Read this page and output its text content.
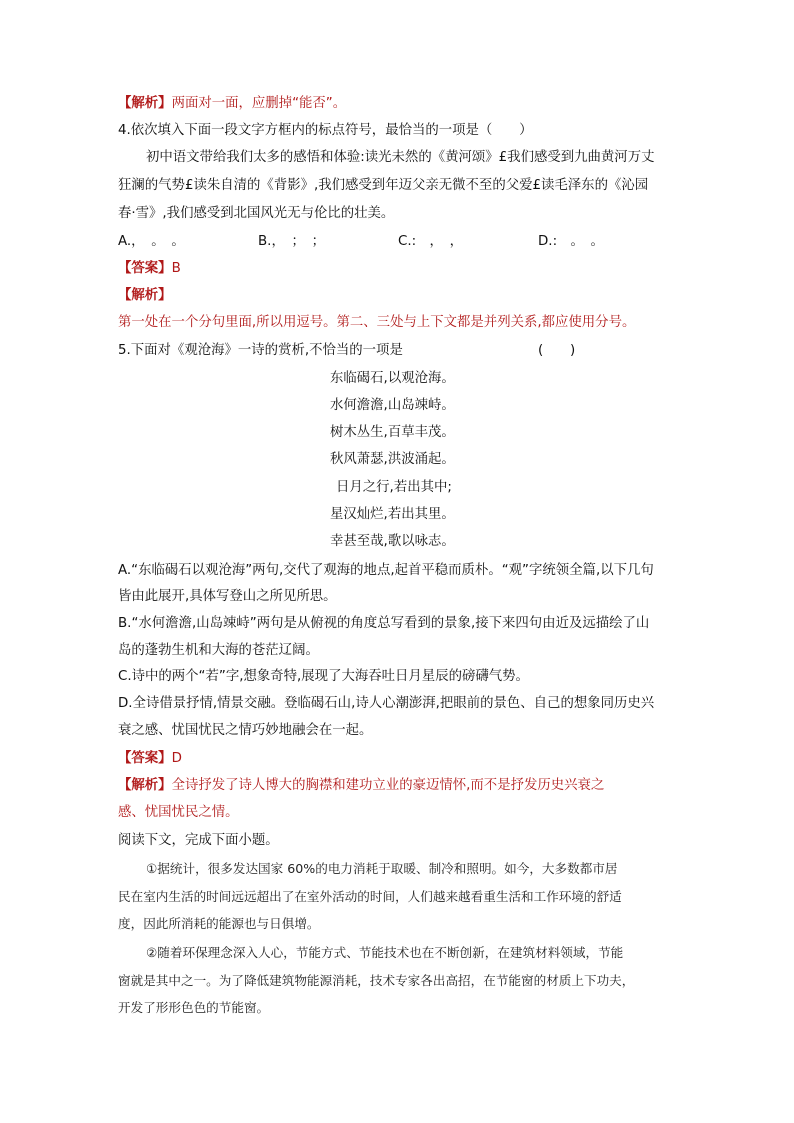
【解析】两面对一面，应删掉“能否”。
4.依次填入下面一段文字方框内的标点符号，最恰当的一项是（　　）
初中语文带给我们太多的感悟和体验:读光未然的《黄河颂》£我们感受到九曲黄河万丈
狂澜的气势£读朱自清的《背影》,我们感受到年迈父亲无微不至的父爱£读毛泽东的《沁园
春·雪》,我们感受到北国风光无与伦比的壮美。
A.，　。　。	B.，　；　；	C.:　，　，	D.:　。　。
【答案】B
【解析】
第一处在一个分句里面,所以用逗号。第二、三处与上下文都是并列关系,都应使用分号。
5.下面对《观沧海》一诗的赏析,不恰当的一项是	(　　)
东临碣石,以观沧海。
水何澹澹,山岛竦峙。
树木丛生,百草丰茂。
秋风萧瑟,洪波涌起。
日月之行,若出其中;
星汉灿烂,若出其里。
幸甚至哉,歌以咏志。
A.“东临碣石以观沧海”两句,交代了观海的地点,起首平稳而质朴。“观”字统领全篇,以下几句
皆由此展开,具体写登山之所见所思。
B.“水何澹澹,山岛竦峙”两句是从俯视的角度总写看到的景象,接下来四句由近及远描绘了山
岛的蓬勃生机和大海的苍茫辽阔。
C.诗中的两个“若”字,想象奇特,展现了大海吞吐日月星辰的磅礴气势。
D.全诗借景抒情,情景交融。登临碣石山,诗人心潮澎湃,把眼前的景色、自己的想象同历史兴
衰之感、忧国忧民之情巧妙地融会在一起。
【答案】D
【解析】全诗抒发了诗人博大的胸襟和建功立业的豪迈情怀,而不是抒发历史兴衰之
感、忧国忧民之情。
阅读下文，完成下面小题。
①据统计，很多发达国家 60%的电力消耗于取暖、制冷和照明。如今，大多数都市居
民在室内生活的时间远远超出了在室外活动的时间，人们越来越看重生活和工作环境的舒适
度，因此所消耗的能源也与日俱增。
②随着环保理念深入人心，节能方式、节能技术也在不断创新，在建筑材料领域，节能
窗就是其中之一。为了降低建筑物能源消耗，技术专家各出高招，在节能窗的材质上下功夫，
开发了形形色色的节能窗。
